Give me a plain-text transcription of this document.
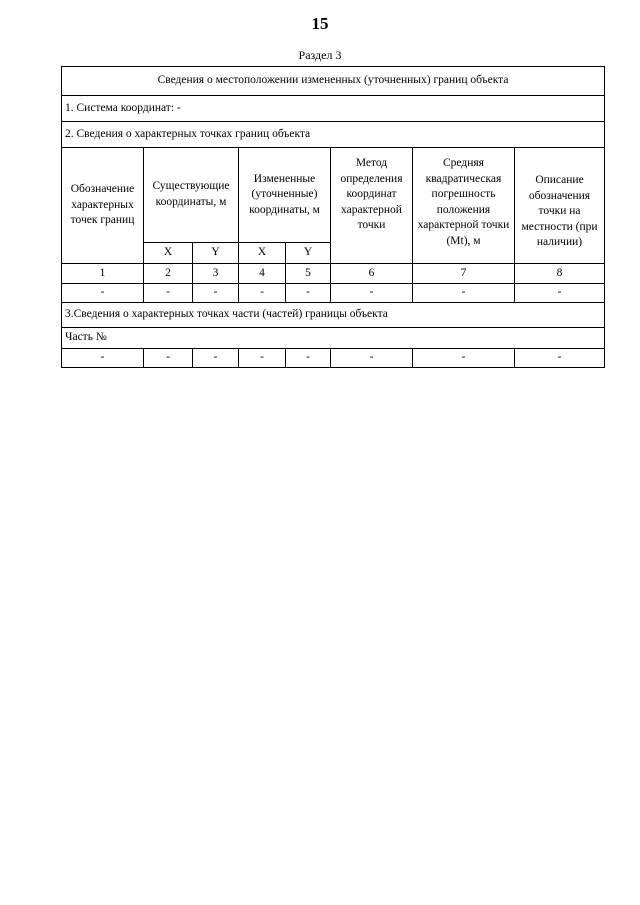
15
Раздел 3
Сведения о местоположении измененных (уточненных) границ объекта							
1. Система координат: -							
2. Сведения о характерных точках границ объекта							
Обозначение характерных точек границ	Существующие координаты, м		Измененные (уточненные) координаты, м		Метод определения координат характерной точки	Средняя квадратическая погрешность положения характерной точки (Mt), м	Описание обозначения точки на местности (при наличии)
	X	Y	X	Y			
1	2	3	4	5	6	7	8
-	-	-	-	-	-	-	-
3.Сведения о характерных точках части (частей) границы объекта							
Часть №							
-	-	-	-	-	-	-	-
